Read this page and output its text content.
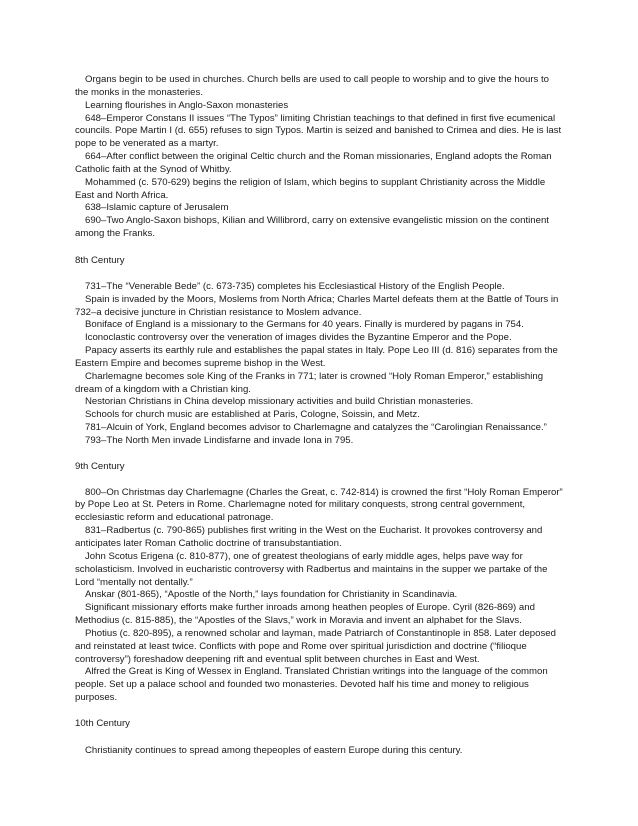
Organs begin to be used in churches. Church bells are used to call people to worship and to give the hours to the monks in the monasteries.

Learning flourishes in Anglo-Saxon monasteries

648–Emperor Constans II issues “The Typos” limiting Christian teachings to that defined in first five ecumenical councils. Pope Martin I (d. 655) refuses to sign Typos. Martin is seized and banished to Crimea and dies. He is last pope to be venerated as a martyr.

664–After conflict between the original Celtic church and the Roman missionaries, England adopts the Roman Catholic faith at the Synod of Whitby.

Mohammed (c. 570-629) begins the religion of Islam, which begins to supplant Christianity across the Middle East and North Africa.

638–Islamic capture of Jerusalem

690–Two Anglo-Saxon bishops, Kilian and Willibrord, carry on extensive evangelistic mission on the continent among the Franks.

8th Century

731–The “Venerable Bede” (c. 673-735) completes his Ecclesiastical History of the English People.

Spain is invaded by the Moors, Moslems from North Africa; Charles Martel defeats them at the Battle of Tours in 732–a decisive juncture in Christian resistance to Moslem advance.

Boniface of England is a missionary to the Germans for 40 years. Finally is murdered by pagans in 754.

Iconoclastic controversy over the veneration of images divides the Byzantine Emperor and the Pope.

Papacy asserts its earthly rule and establishes the papal states in Italy. Pope Leo III (d. 816) separates from the Eastern Empire and becomes supreme bishop in the West.

Charlemagne becomes sole King of the Franks in 771; later is crowned “Holy Roman Emperor,” establishing dream of a kingdom with a Christian king.

Nestorian Christians in China develop missionary activities and build Christian monasteries.

Schools for church music are established at Paris, Cologne, Soissin, and Metz.

781–Alcuin of York, England becomes advisor to Charlemagne and catalyzes the “Carolingian Renaissance.”

793–The North Men invade Lindisfarne and invade Iona in 795.

9th Century

800–On Christmas day Charlemagne (Charles the Great, c. 742-814) is crowned the first “Holy Roman Emperor” by Pope Leo at St. Peters in Rome. Charlemagne noted for military conquests, strong central government, ecclesiastic reform and educational patronage.

831–Radbertus (c. 790-865) publishes first writing in the West on the Eucharist. It provokes controversy and anticipates later Roman Catholic doctrine of transubstantiation.

John Scotus Erigena (c. 810-877), one of greatest theologians of early middle ages, helps pave way for scholasticism. Involved in eucharistic controversy with Radbertus and maintains in the supper we partake of the Lord “mentally not dentally.”

Anskar (801-865), “Apostle of the North,” lays foundation for Christianity in Scandinavia.

Significant missionary efforts make further inroads among heathen peoples of Europe. Cyril (826-869) and Methodius (c. 815-885), the “Apostles of the Slavs,” work in Moravia and invent an alphabet for the Slavs.

Photius (c. 820-895), a renowned scholar and layman, made Patriarch of Constantinople in 858. Later deposed and reinstated at least twice. Conflicts with pope and Rome over spiritual jurisdiction and doctrine (“filioque controversy”) foreshadow deepening rift and eventual split between churches in East and West.

Alfred the Great is King of Wessex in England. Translated Christian writings into the language of the common people. Set up a palace school and founded two monasteries. Devoted half his time and money to religious purposes.

10th Century

Christianity continues to spread among thepeoples of eastern Europe during this century.
